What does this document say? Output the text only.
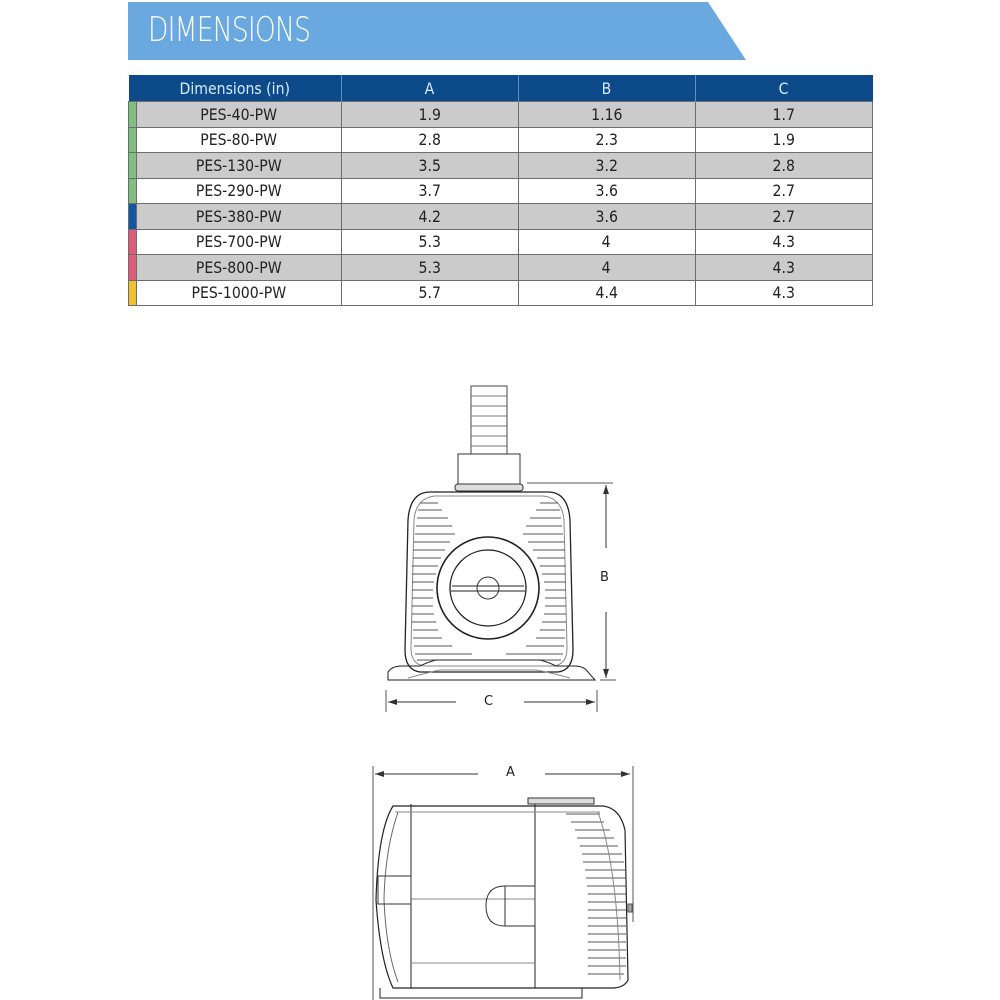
DIMENSIONS
Dimensions (in)		A	B	C
	PES-40-PW	1.9	1.16	1.7
	PES-80-PW	2.8	2.3	1.9
	PES-130-PW	3.5	3.2	2.8
	PES-290-PW	3.7	3.6	2.7
	PES-380-PW	4.2	3.6	2.7
	PES-700-PW	5.3	4	4.3
	PES-800-PW	5.3	4	4.3
	PES-1000-PW	5.7	4.4	4.3
B
C
A
